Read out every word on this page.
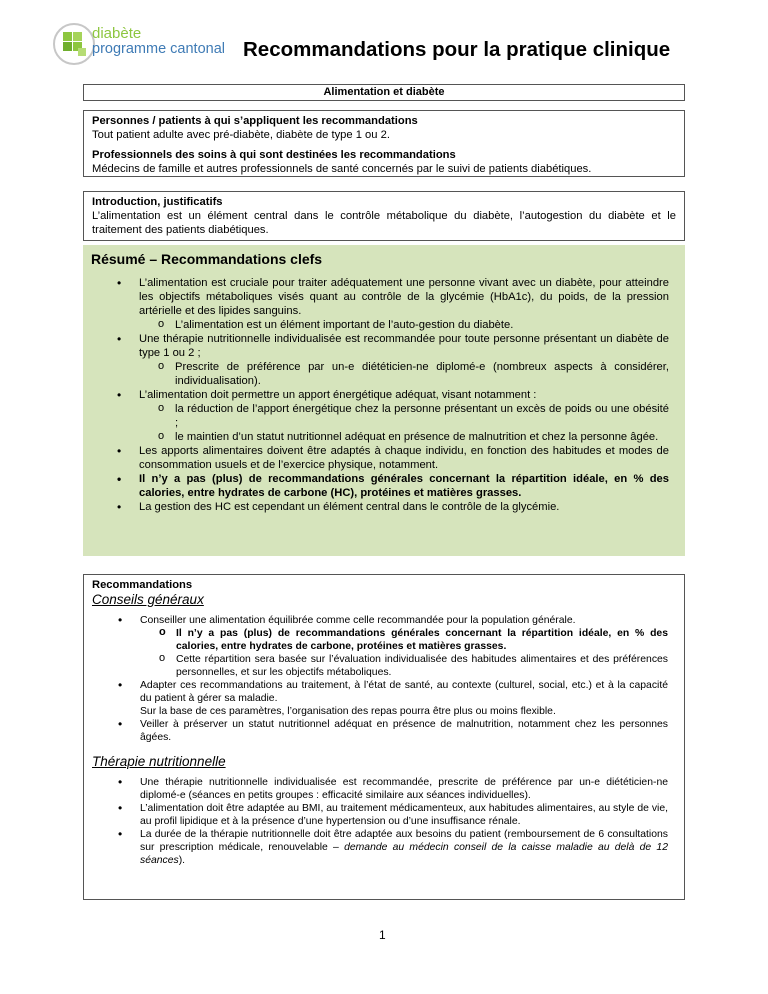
diabète
programme cantonal Recommandations pour la pratique clinique
Alimentation et diabète
Personnes / patients à qui s’appliquent les recommandations
Tout patient adulte avec pré-diabète, diabète de type 1 ou 2.
Professionnels des soins à qui sont destinées les recommandations
Médecins de famille et autres professionnels de santé concernés par le suivi de patients diabétiques.
Introduction, justificatifs
L’alimentation est un élément central dans le contrôle métabolique du diabète, l’autogestion du diabète et le traitement des patients diabétiques.
Résumé – Recommandations clefs
• L’alimentation est cruciale pour traiter adéquatement une personne vivant avec un diabète, pour atteindre les objectifs métaboliques visés quant au contrôle de la glycémie (HbA1c), du poids, de la pression artérielle et des lipides sanguins.
o L’alimentation est un élément important de l’auto-gestion du diabète.
• Une thérapie nutritionnelle individualisée est recommandée pour toute personne présentant un diabète de type 1 ou 2 ;
o Prescrite de préférence par un-e diététicien-ne diplomé-e (nombreux aspects à considérer, individualisation).
• L’alimentation doit permettre un apport énergétique adéquat, visant notamment :
o la réduction de l’apport énergétique chez la personne présentant un excès de poids ou une obésité ;
o le maintien d’un statut nutritionnel adéquat en présence de malnutrition et chez la personne âgée.
• Les apports alimentaires doivent être adaptés à chaque individu, en fonction des habitudes et modes de consommation usuels et de l’exercice physique, notamment.
• Il n’y a pas (plus) de recommandations générales concernant la répartition idéale, en % des calories, entre hydrates de carbone (HC), protéines et matières grasses.
• La gestion des HC est cependant un élément central dans le contrôle de la glycémie.
Recommandations
Conseils généraux
• Conseiller une alimentation équilibrée comme celle recommandée pour la population générale.
o Il n’y a pas (plus) de recommandations générales concernant la répartition idéale, en % des calories, entre hydrates de carbone, protéines et matières grasses.
o Cette répartition sera basée sur l’évaluation individualisée des habitudes alimentaires et des préférences personnelles, et sur les objectifs métaboliques.
• Adapter ces recommandations au traitement, à l’état de santé, au contexte (culturel, social, etc.) et à la capacité du patient à gérer sa maladie.
Sur la base de ces paramètres, l’organisation des repas pourra être plus ou moins flexible.
• Veiller à préserver un statut nutritionnel adéquat en présence de malnutrition, notamment chez les personnes âgées.
Thérapie nutritionnelle
• Une thérapie nutritionnelle individualisée est recommandée, prescrite de préférence par un-e diététicien-ne diplomé-e (séances en petits groupes : efficacité similaire aux séances individuelles).
• L’alimentation doit être adaptée au BMI, au traitement médicamenteux, aux habitudes alimentaires, au style de vie, au profil lipidique et à la présence d’une hypertension ou d’une insuffisance rénale.
• La durée de la thérapie nutritionnelle doit être adaptée aux besoins du patient (remboursement de 6 consultations sur prescription médicale, renouvelable – demande au médecin conseil de la caisse maladie au delà de 12 séances).
1
